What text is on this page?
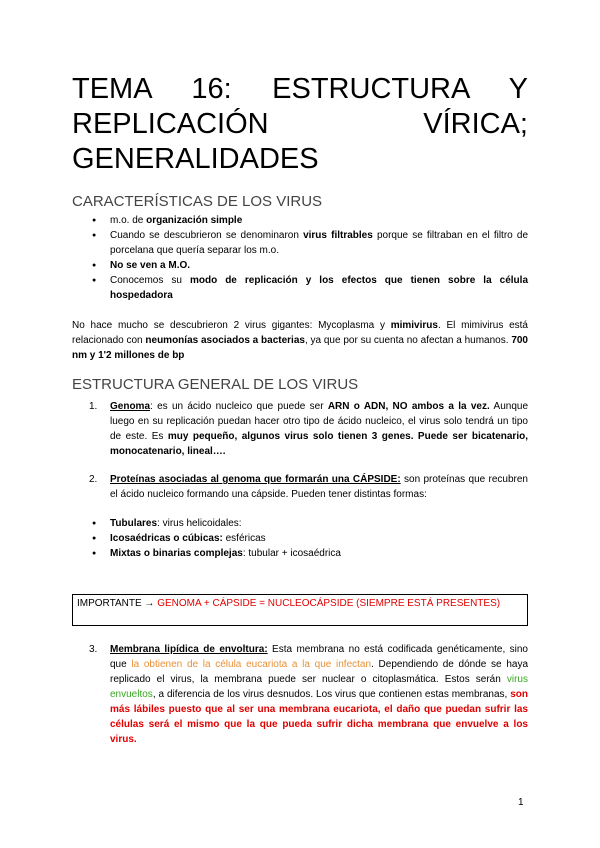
TEMA 16: ESTRUCTURA Y REPLICACIÓN VÍRICA; GENERALIDADES
CARACTERÍSTICAS DE LOS VIRUS
● m.o. de organización simple
● Cuando se descubrieron se denominaron virus filtrables porque se filtraban en el filtro de porcelana que quería separar los m.o.
● No se ven a M.O.
● Conocemos su modo de replicación y los efectos que tienen sobre la célula hospedadora

No hace mucho se descubrieron 2 virus gigantes: Mycoplasma y mimivirus. El mimivirus está relacionado con neumonías asociados a bacterias, ya que por su cuenta no afectan a humanos. 700 nm y 1'2 millones de bp

ESTRUCTURA GENERAL DE LOS VIRUS
1. Genoma: es un ácido nucleico que puede ser ARN o ADN, NO ambos a la vez. Aunque luego en su replicación puedan hacer otro tipo de ácido nucleico, el virus solo tendrá un tipo de este. Es muy pequeño, algunos virus solo tienen 3 genes. Puede ser bicatenario, monocatenario, lineal….
2. Proteínas asociadas al genoma que formarán una CÁPSIDE: son proteínas que recubren el ácido nucleico formando una cápside. Pueden tener distintas formas:
● Tubulares: virus helicoidales:
● Icosaédricas o cúbicas: esféricas
● Mixtas o binarias complejas: tubular + icosaédrica
IMPORTANTE → GENOMA + CÁPSIDE = NUCLEOCÁPSIDE (SIEMPRE ESTÁ PRESENTES)
3. Membrana lipídica de envoltura: Esta membrana no está codificada genéticamente, sino que la obtienen de la célula eucariota a la que infectan. Dependiendo de dónde se haya replicado el virus, la membrana puede ser nuclear o citoplasmática. Estos serán virus envueltos, a diferencia de los virus desnudos. Los virus que contienen estas membranas, son más lábiles puesto que al ser una membrana eucariota, el daño que puedan sufrir las células será el mismo que la que pueda sufrir dicha membrana que envuelve a los virus.
1
